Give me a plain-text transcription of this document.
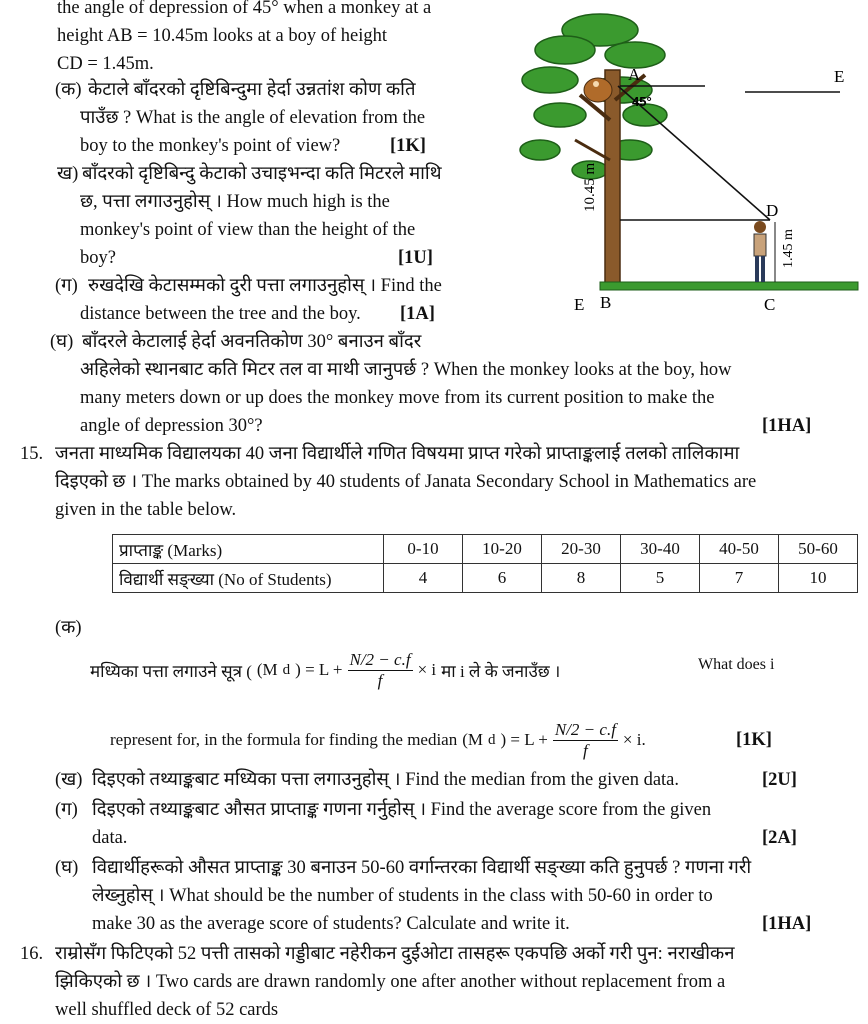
the angle of depression of 45° when a monkey at a
height AB = 10.45m looks at a boy of height
CD = 1.45m.
(क) केटाले बाँदरको दृष्टिबिन्दुमा हेर्दा उन्नतांश कोण कति
पाउँछ ? What is the angle of elevation from the
boy to the monkey's point of view?	[1K]
ख) बाँदरको दृष्टिबिन्दु केटाको उचाइभन्दा कति मिटरले माथि
छ, पत्ता लगाउनुहोस् । How much high is the
monkey's point of view than the height of the
boy?	[1U]
(ग) रुखदेखि केटासम्मको दुरी पत्ता लगाउनुहोस् । Find the
distance between the tree and the boy. [1A]
(घ) बाँदरले केटालाई हेर्दा अवनतिकोण 30° बनाउन बाँदर
अहिलेको स्थानबाट कति मिटर तल वा माथी जानुपर्छ ? When the monkey looks at the boy, how
many meters down or up does the monkey move from its current position to make the
angle of depression 30°?	[1HA]
A	E
45°
D
E B	C
10.45 m
1.45 m
15. जनता माध्यमिक विद्यालयका 40 जना विद्यार्थीले गणित विषयमा प्राप्त गरेको प्राप्ताङ्कलाई तलको तालिकामा
दिइएको छ । The marks obtained by 40 students of Janata Secondary School in Mathematics are
given in the table below.
प्राप्ताङ्क (Marks)	0-10	10-20	20-30	30-40	40-50	50-60
विद्यार्थी सङ्ख्या (No of Students)	4	6	8	5	7	10
(क)
मध्यिका पत्ता लगाउने सूत्र ( (M d ) = $L + \frac{N/2 - c.f}{f} \times i$ मा i ले के जनाउँछ ।	What does i
represent for, in the formula for finding the median (M d ) = $L + \frac{N/2 - c.f}{f} \times i$.	[1K]
(ख) दिइएको तथ्याङ्कबाट मध्यिका पत्ता लगाउनुहोस् । Find the median from the given data.	[2U]
(ग) दिइएको तथ्याङ्कबाट औसत प्राप्ताङ्क गणना गर्नुहोस् । Find the average score from the given
data.	[2A]
(घ) विद्यार्थीहरूको औसत प्राप्ताङ्क 30 बनाउन 50-60 वर्गान्तरका विद्यार्थी सङ्ख्या कति हुनुपर्छ ? गणना गरी
लेख्नुहोस् । What should be the number of students in the class with 50-60 in order to
make 30 as the average score of students? Calculate and write it.	[1HA]
16. राम्रोसँग फिटिएको 52 पत्ती तासको गड्डीबाट नहेरीकन दुईओटा तासहरू एकपछि अर्को गरी पुन: नराखीकन
झिकिएको छ । Two cards are drawn randomly one after another without replacement from a
well shuffled deck of 52 cards
